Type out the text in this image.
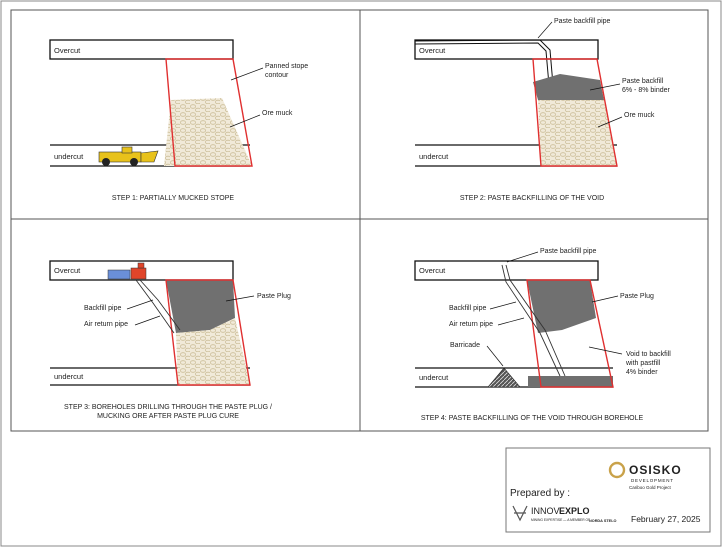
Overcut
undercut
Panned stope
contour
Ore muck
STEP 1: PARTIALLY MUCKED STOPE
Overcut
undercut
Paste backfill pipe
Paste backfill
6% - 8% binder
Ore muck
STEP 2: PASTE BACKFILLING OF THE VOID
Overcut
undercut
Backfill pipe
Air return pipe
Paste Plug
STEP 3: BOREHOLES DRILLING THROUGH THE PASTE PLUG /
MUCKING ORE AFTER PASTE PLUG CURE
Overcut
undercut
Paste backfill pipe
Backfill pipe
Air return pipe
Barricade
Paste Plug
Void to backfill
with pastfill
4% binder
STEP 4: PASTE BACKFILLING OF THE VOID THROUGH BOREHOLE
OSISKO
DEVELOPMENT
Cariboo Gold Project
Prepared by :
INNOV EXPLO
MINING EXPERTISE — A MEMBER OF
NORDA STELO February 27, 2025
